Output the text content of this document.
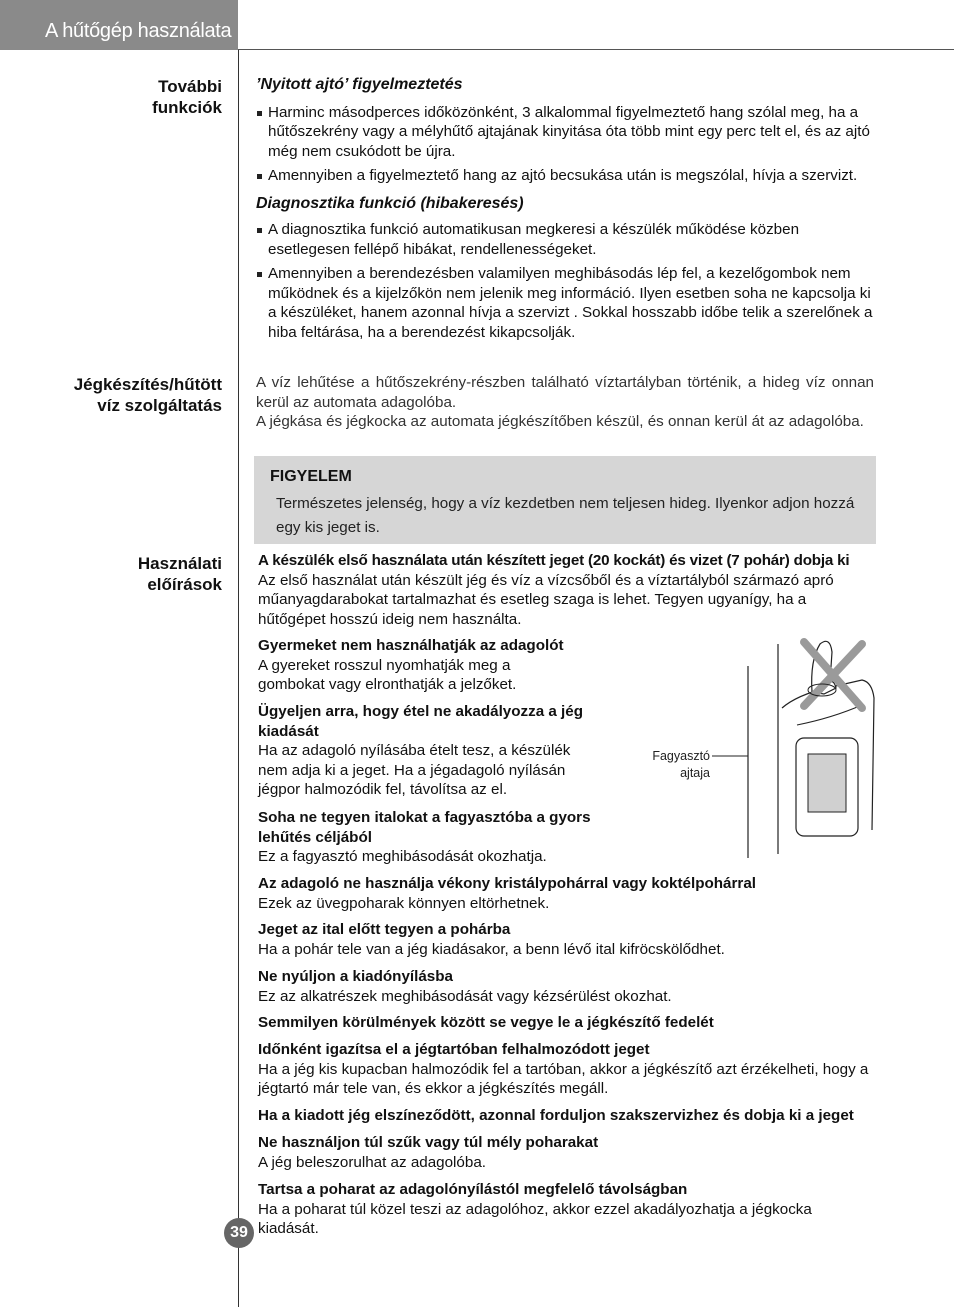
A hűtőgép használata
További
funkciók
Jégkészítés/hűtött
víz szolgáltatás
Használati
előírások
’Nyitott ajtó’ figyelmeztetés
Harminc másodperces időközönként, 3 alkalommal figyelmeztető hang szólal meg, ha a hűtőszekrény vagy a mélyhűtő ajtajának kinyitása óta több mint egy perc telt el, és az ajtó még nem csukódott be újra.
Amennyiben a figyelmeztető hang az ajtó becsukása után is megszólal, hívja a szervizt.
Diagnosztika funkció (hibakeresés)
A diagnosztika funkció automatikusan megkeresi a készülék működése közben esetlegesen fellépő hibákat, rendellenességeket.
Amennyiben a berendezésben valamilyen meghibásodás lép fel, a kezelőgombok nem működnek és a kijelzőkön nem jelenik meg információ. Ilyen esetben soha ne kapcsolja ki a készüléket, hanem azonnal hívja a szervizt . Sokkal hosszabb időbe telik a szerelőnek a hiba feltárása, ha a berendezést kikapcsolják.
A víz lehűtése a hűtőszekrény-részben található víztartályban történik, a hideg víz onnan kerül az automata adagolóba.
A jégkása és jégkocka az automata jégkészítőben készül, és onnan kerül át az adagolóba.
FIGYELEM
Természetes jelenség, hogy a víz kezdetben nem teljesen hideg. Ilyenkor adjon hozzá egy kis jeget is.
A készülék első használata után készített jeget (20 kockát) és vizet (7 pohár) dobja ki
Az első használat után készült jég és víz a vízcsőből és a víztartályból származó apró műanyagdarabokat tartalmazhat és esetleg szaga is lehet. Tegyen ugyanígy, ha a hűtőgépet hosszú ideig nem használta.
Gyermeket nem használhatják az adagolót
A gyereket rosszul nyomhatják meg a gombokat vagy elronthatják a jelzőket.
Ügyeljen arra, hogy étel ne akadályozza a jég kiadását
Ha az adagoló nyílásába ételt tesz, a készülék nem adja ki a jeget. Ha a jégadagoló nyílásán jégpor halmozódik fel, távolítsa az el.
Soha ne tegyen italokat a fagyasztóba a gyors lehűtés céljából
Ez a fagyasztó meghibásodását okozhatja.
Az adagoló ne használja vékony kristálypohárral vagy koktélpohárral
Ezek az üvegpoharak könnyen eltörhetnek.
Jeget az ital előtt tegyen a pohárba
Ha a pohár tele van a jég kiadásakor, a benn lévő ital kifröcskölődhet.
Ne nyúljon a kiadónyílásba
Ez az alkatrészek meghibásodását vagy kézsérülést okozhat.
Semmilyen körülmények között se vegye le a jégkészítő fedelét
Időnként igazítsa el a jégtartóban felhalmozódott jeget
Ha a jég kis kupacban halmozódik fel a tartóban, akkor a jégkészítő azt érzékelheti, hogy a jégtartó már tele van, és ekkor a jégkészítés megáll.
Ha a kiadott jég elszíneződött, azonnal forduljon szakszervizhez és dobja ki a jeget
Ne használjon túl szűk vagy túl mély poharakat
A jég beleszorulhat az adagolóba.
Tartsa a poharat az adagolónyílástól megfelelő távolságban
Ha a poharat túl közel teszi az adagolóhoz, akkor ezzel akadályozhatja a jégkocka kiadását.
Fagyasztó
ajtaja
39
